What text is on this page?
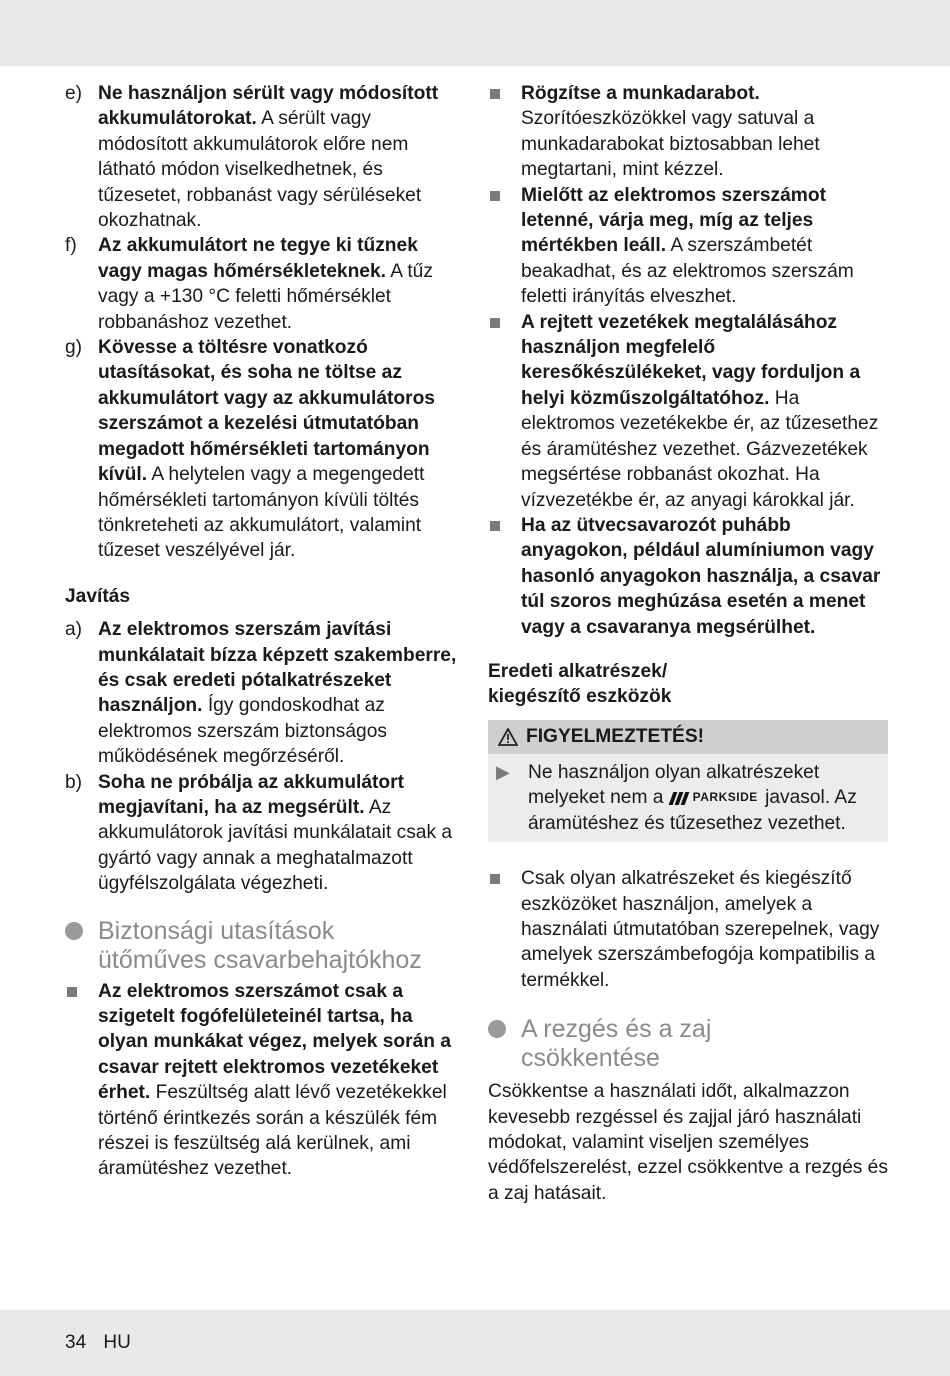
e) Ne használjon sérült vagy módosított akkumulátorokat. A sérült vagy módosított akkumulátorok előre nem látható módon viselkedhetnek, és tűzesetet, robbanást vagy sérüléseket okozhatnak.
f)	Az akkumulátort ne tegye ki tűznek vagy magas hőmérsékleteknek. A tűz vagy a +130 °C feletti hőmérséklet robbanáshoz vezethet.
g) Kövesse a töltésre vonatkozó utasításokat, és soha ne töltse az akkumulátort vagy az akkumulátoros szerszámot a kezelési útmutatóban megadott hőmérsékleti tartományon kívül. A helytelen vagy a megengedett hőmérsékleti tartományon kívüli töltés tönkreteheti az akkumulátort, valamint tűzeset veszélyével jár.

Javítás

a) Az elektromos szerszám javítási munkálatait bízza képzett szakemberre, és csak eredeti pótalkatrészeket használjon. Így gondoskodhat az elektromos szerszám biztonságos működésének megőrzéséről.
b) Soha ne próbálja az akkumulátort megjavítani, ha az megsérült. Az akkumulátorok javítási munkálatait csak a gyártó vagy annak a meghatalmazott ügyfélszolgálata végezheti.
Biztonsági utasítások
ütőműves csavarbehajtókhoz
Az elektromos szerszámot csak a szigetelt fogófelületeinél tartsa, ha olyan munkákat végez, melyek során a csavar rejtett elektromos vezetékeket érhet. Feszültség alatt lévő vezetékekkel történő érintkezés során a készülék fém részei is feszültség alá kerülnek, ami áramütéshez vezethet.
Rögzítse a munkadarabot. Szorítóeszközökkel vagy satuval a munkadarabokat biztosabban lehet megtartani, mint kézzel.
Mielőtt az elektromos szerszámot letenné, várja meg, míg az teljes mértékben leáll. A szerszámbetét beakadhat, és az elektromos szerszám feletti irányítás elveszhet.
A rejtett vezetékek megtalálásához használjon megfelelő keresőkészülékeket, vagy forduljon a helyi közműszolgáltatóhoz. Ha elektromos vezetékekbe ér, az tűzesethez és áramütéshez vezethet. Gázvezetékek megsértése robbanást okozhat. Ha vízvezetékbe ér, az anyagi károkkal jár.
Ha az ütvecsavarozót puhább anyagokon, például alumíniumon vagy hasonló anyagokon használja, a csavar túl szoros meghúzása esetén a menet vagy a csavaranya megsérülhet.
Eredeti alkatrészek/
kiegészítő eszközök
FIGYELMEZTETÉS!
▶ Ne használjon olyan alkatrészeket melyeket nem a
PARKSIDE javasol. Az áramütéshez és tűzesethez vezethet.
Csak olyan alkatrészeket és kiegészítő eszközöket használjon, amelyek a használati útmutatóban szerepelnek, vagy amelyek szerszámbefogója kompatibilis a termékkel.
A rezgés és a zaj
csökkentése
Csökkentse a használati időt, alkalmazzon kevesebb rezgéssel és zajjal járó használati módokat, valamint viseljen személyes védőfelszerelést, ezzel csökkentve a rezgés és a zaj hatásait.
34 HU
